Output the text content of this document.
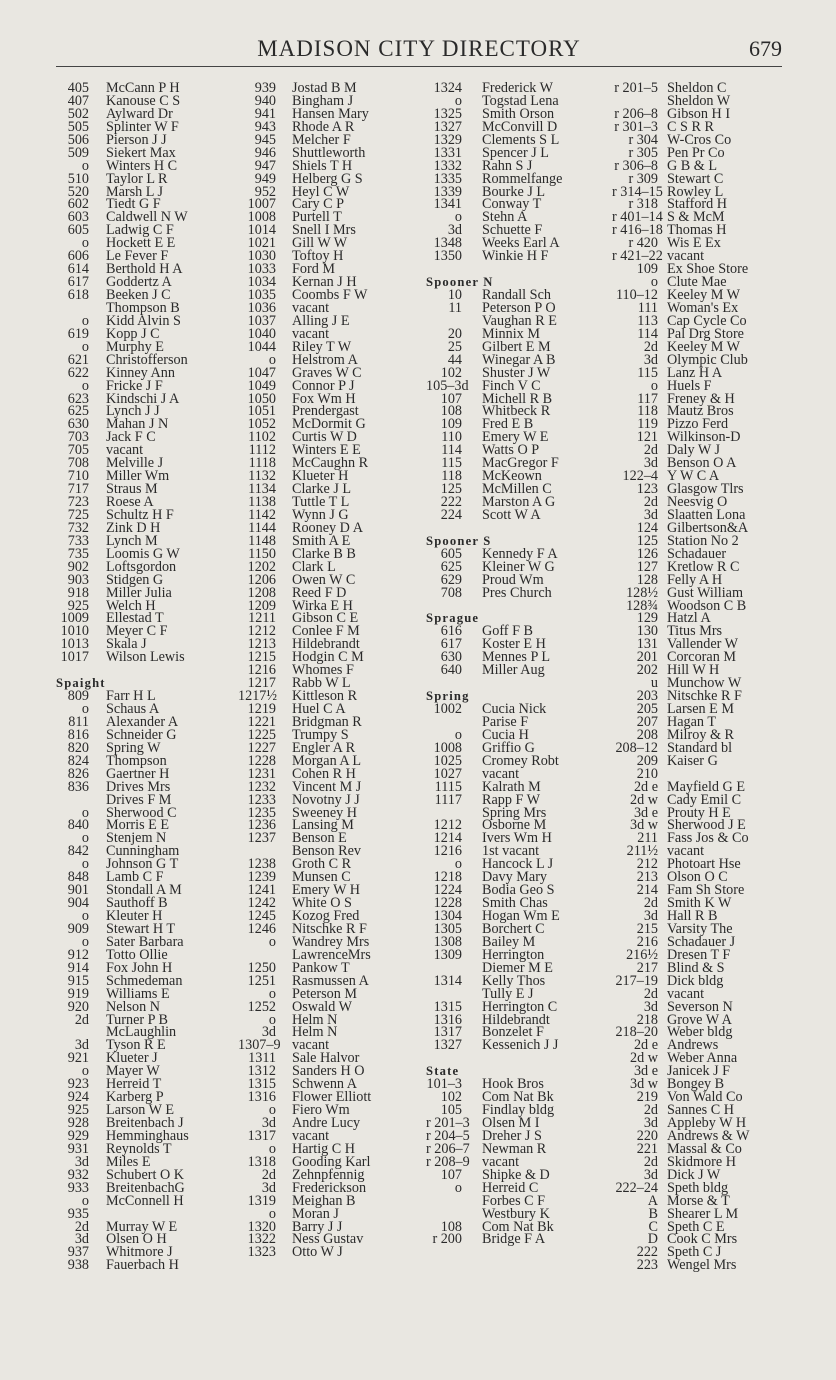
MADISON CITY DIRECTORY	679
405 McCann P H
407 Kanouse C S
502 Aylward Dr
505 Splinter W F
506 Pierson J J
509 Siekert Max
o Winters H C
510 Taylor L R
520 Marsh L J
602 Tiedt G F
603 Caldwell N W
605 Ladwig C F
o Hockett E E
606 Le Fever F
614 Berthold H A
617 Goddertz A
618 Beeken J C
Thompson B
o Kidd Alvin S
619 Kopp J C
o Murphy E
621 Christofferson
622 Kinney Ann
o Fricke J F
623 Kindschi J A
625 Lynch J J
630 Mahan J N
703 Jack F C
705 vacant
708 Melville J
710 Miller Wm
717 Straus M
723 Roese A
725 Schultz H F
732 Zink D H
733 Lynch M
735 Loomis G W
902 Loftsgordon
903 Stidgen G
918 Miller Julia
925 Welch H
1009 Ellestad T
1010 Meyer C F
1013 Skala J
1017 Wilson Lewis
Spaight
809 Farr H L
o Schaus A
811 Alexander A
816 Schneider G
820 Spring W
824 Thompson
826 Gaertner H
836 Drives Mrs
Drives F M
o Sherwood C
840 Morris E E
o Stenjem N
842 Cunningham
o Johnson G T
848 Lamb C F
901 Stondall A M
904 Sauthoff B
o Kleuter H
909 Stewart H T
o Sater Barbara
912 Totto Ollie
914 Fox John H
915 Schmedeman
919 Williams E
920 Nelson N
2d Turner P B
McLaughlin
3d Tyson R E
921 Klueter J
o Mayer W
923 Herreid T
924 Karberg P
925 Larson W E
928 Breitenbach J
929 Hemminghaus
931 Reynolds T
3d Miles E
932 Schubert O K
933 BreitenbachG
o McConnell H
935
2d Murray W E
3d Olsen O H
937 Whitmore J
938 Fauerbach H
939 Jostad B M
940 Bingham J
941 Hansen Mary
943 Rhode A R
945 Melcher F
946 Shuttleworth
947 Shiels T H
949 Helberg G S
952 Heyl C W
1007 Cary C P
1008 Purtell T
1014 Snell I Mrs
1021 Gill W W
1030 Toftoy H
1033 Ford M
1034 Kernan J H
1035 Coombs F W
1036 vacant
1037 Alling J E
1040 vacant
1044 Riley T W
o Helstrom A
1047 Graves W C
1049 Connor P J
1050 Fox Wm H
1051 Prendergast
1052 McDormit G
1102 Curtis W D
1112 Winters E E
1118 McCaughn R
1132 Klueter H
1134 Clarke J L
1138 Tuttle T L
1142 Wynn J G
1144 Rooney D A
1148 Smith A E
1150 Clarke B B
1202 Clark L
1206 Owen W C
1208 Reed F D
1209 Wirka E H
1211 Gibson C E
1212 Conlee F M
1213 Hildebrandt
1215 Hodgin C M
1216 Whomes F
1217 Rabb W L
1217½ Kittleson R
1219 Huel C A
1221 Bridgman R
1225 Trumpy S
1227 Engler A R
1228 Morgan A L
1231 Cohen R H
1232 Vincent M J
1233 Novotny J J
1235 Sweeney H
1236 Lansing M
1237 Benson E
Benson Rev
1238 Groth C R
1239 Munsen C
1241 Emery W H
1242 White O S
1245 Kozog Fred
1246 Nitschke R F
o Wandrey Mrs
LawrenceMrs
1250 Pankow T
1251 Rasmussen A
o Peterson M
1252 Oswald W
o Helm N
3d Helm N
1307–9 vacant
1311 Sale Halvor
1312 Sanders H O
1315 Schwenn A
1316 Flower Elliott
o Fiero Wm
3d Andre Lucy
1317 vacant
o Hartig C H
1318 Gooding Karl
2d Zehnpfennig
3d Frederickson
1319 Meighan B
o Moran J
1320 Barry J J
1322 Ness Gustav
1323 Otto W J
1324 Frederick W
o Togstad Lena
1325 Smith Orson
1327 McConvill D
1329 Clements S L
1331 Spencer J L
1332 Rahn S J
1335 Rommelfange
1339 Bourke J L
1341 Conway T
o Stehn A
3d Schuette F
1348 Weeks Earl A
1350 Winkie H F
Spooner N
10 Randall Sch
11 Peterson P O
Vaughan R E
20 Minnix M
25 Gilbert E M
44 Winegar A B
102 Shuster J W
105–3d Finch V C
107 Michell R B
108 Whitbeck R
109 Fred E B
110 Emery W E
114 Watts O P
115 MacGregor F
118 McKeown
125 McMillen C
222 Marston A G
224 Scott W A
Spooner S
605 Kennedy F A
625 Kleiner W G
629 Proud Wm
708 Pres Church
Sprague
616 Goff F B
617 Koster E H
630 Mennes P L
640 Miller Aug
Spring
1002 Cucia Nick
Parise F
o Cucia H
1008 Griffio G
1025 Cromey Robt
1027 vacant
1115 Kalrath M
1117 Rapp F W
Spring Mrs
1212 Osborne M
1214 Ivers Wm H
1216 1st vacant
o Hancock L J
1218 Davy Mary
1224 Bodia Geo S
1228 Smith Chas
1304 Hogan Wm E
1305 Borchert C
1308 Bailey M
1309 Herrington
Diemer M E
1314 Kelly Thos
Tully E J
1315 Herrington C
1316 Hildebrandt
1317 Bonzelet F
1327 Kessenich J J
State
101–3 Hook Bros
102 Com Nat Bk
105 Findlay bldg
r 201–3 Olsen M I
r 204–5 Dreher J S
r 206–7 Newman R
r 208–9 vacant
107 Shipke & D
o Herreid C
Forbes C F
Westbury K
108 Com Nat Bk
r 200 Bridge F A
r 201–5 Sheldon C
Sheldon W
r 206–8 Gibson H I
r 301–3 C S R R
r 304 W-Cros Co
r 305 Pen Pr Co
r 306–8 G B & L
r 309 Stewart C
r 314–15 Rowley L
r 318 Stafford H
r 401–14 S & McM
r 416–18 Thomas H
r 420 Wis E Ex
r 421–22 vacant
109 Ex Shoe Store
o Clute Mae
110–12 Keeley M W
111 Woman's Ex
113 Cap Cycle Co
114 Pal Drg Store
2d Keeley M W
3d Olympic Club
115 Lanz H A
o Huels F
117 Freney & H
118 Mautz Bros
119 Pizzo Ferd
121 Wilkinson-D
2d Daly W J
3d Benson O A
122–4 Y W C A
123 Glasgow Tlrs
2d Neesvig O
3d Slaatten Lona
124 Gilbertson&A
125 Station No 2
126 Schadauer
127 Kretlow R C
128 Felly A H
128½ Gust William
128¾ Woodson C B
129 Hatzl A
130 Titus Mrs
131 Vallender W
201 Corcoran M
202 Hill W H
u Munchow W
203 Nitschke R F
205 Larsen E M
207 Hagan T
208 Milroy & R
208–12 Standard bl
209 Kaiser G
210
2d e Mayfield G E
2d w Cady Emil C
3d e Prouty H E
3d w Sherwood J E
211 Fass Jos & Co
211½ vacant
212 Photoart Hse
213 Olson O C
214 Fam Sh Store
2d Smith K W
3d Hall R B
215 Varsity The
216 Schadauer J
216½ Dresen T F
217 Blind & S
217–19 Dick bldg
2d vacant
3d Severson N
218 Grove W A
218–20 Weber bldg
2d e Andrews
2d w Weber Anna
3d e Janicek J F
3d w Bongey B
219 Von Wald Co
2d Sannes C H
3d Appleby W H
220 Andrews & W
221 Massal & Co
2d Skidmore H
3d Dick J W
222–24 Speth bldg
A Morse & T
B Shearer L M
C Speth C E
D Cook C Mrs
222 Speth C J
223 Wengel Mrs
